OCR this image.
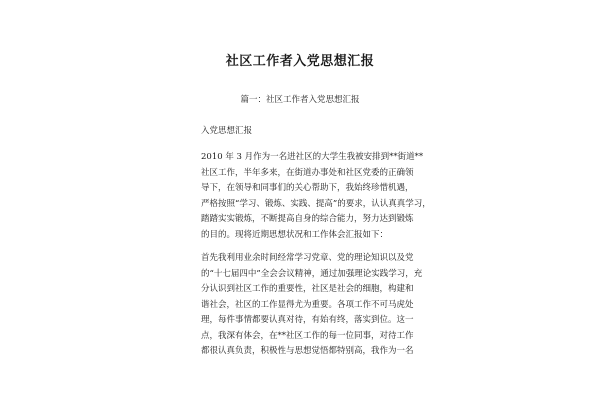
社区工作者入党思想汇报

篇一：社区工作者入党思想汇报

入党思想汇报

2010 年 3 月作为一名进社区的大学生我被安排到**街道**
社区工作，半年多来，在街道办事处和社区党委的正确领
导下，在领导和同事们的关心帮助下，我始终珍惜机遇，
严格按照“学习、锻炼、实践、提高”的要求，认认真真学习，
踏踏实实锻炼，不断提高自身的综合能力，努力达到锻炼
的目的。现将近期思想状况和工作体会汇报如下：
首先我利用业余时间经常学习党章、党的理论知识以及党
的“十七届四中”全会会议精神，通过加强理论实践学习，充
分认识到社区工作的重要性，社区是社会的细胞，构建和
谐社会，社区的工作显得尤为重要。各项工作不可马虎处
理，每件事情都要认真对待，有始有终，落实到位。这一
点，我深有体会，在**社区工作的每一位同事，对待工作
都很认真负责，积极性与思想觉悟都特别高，我作为一名
